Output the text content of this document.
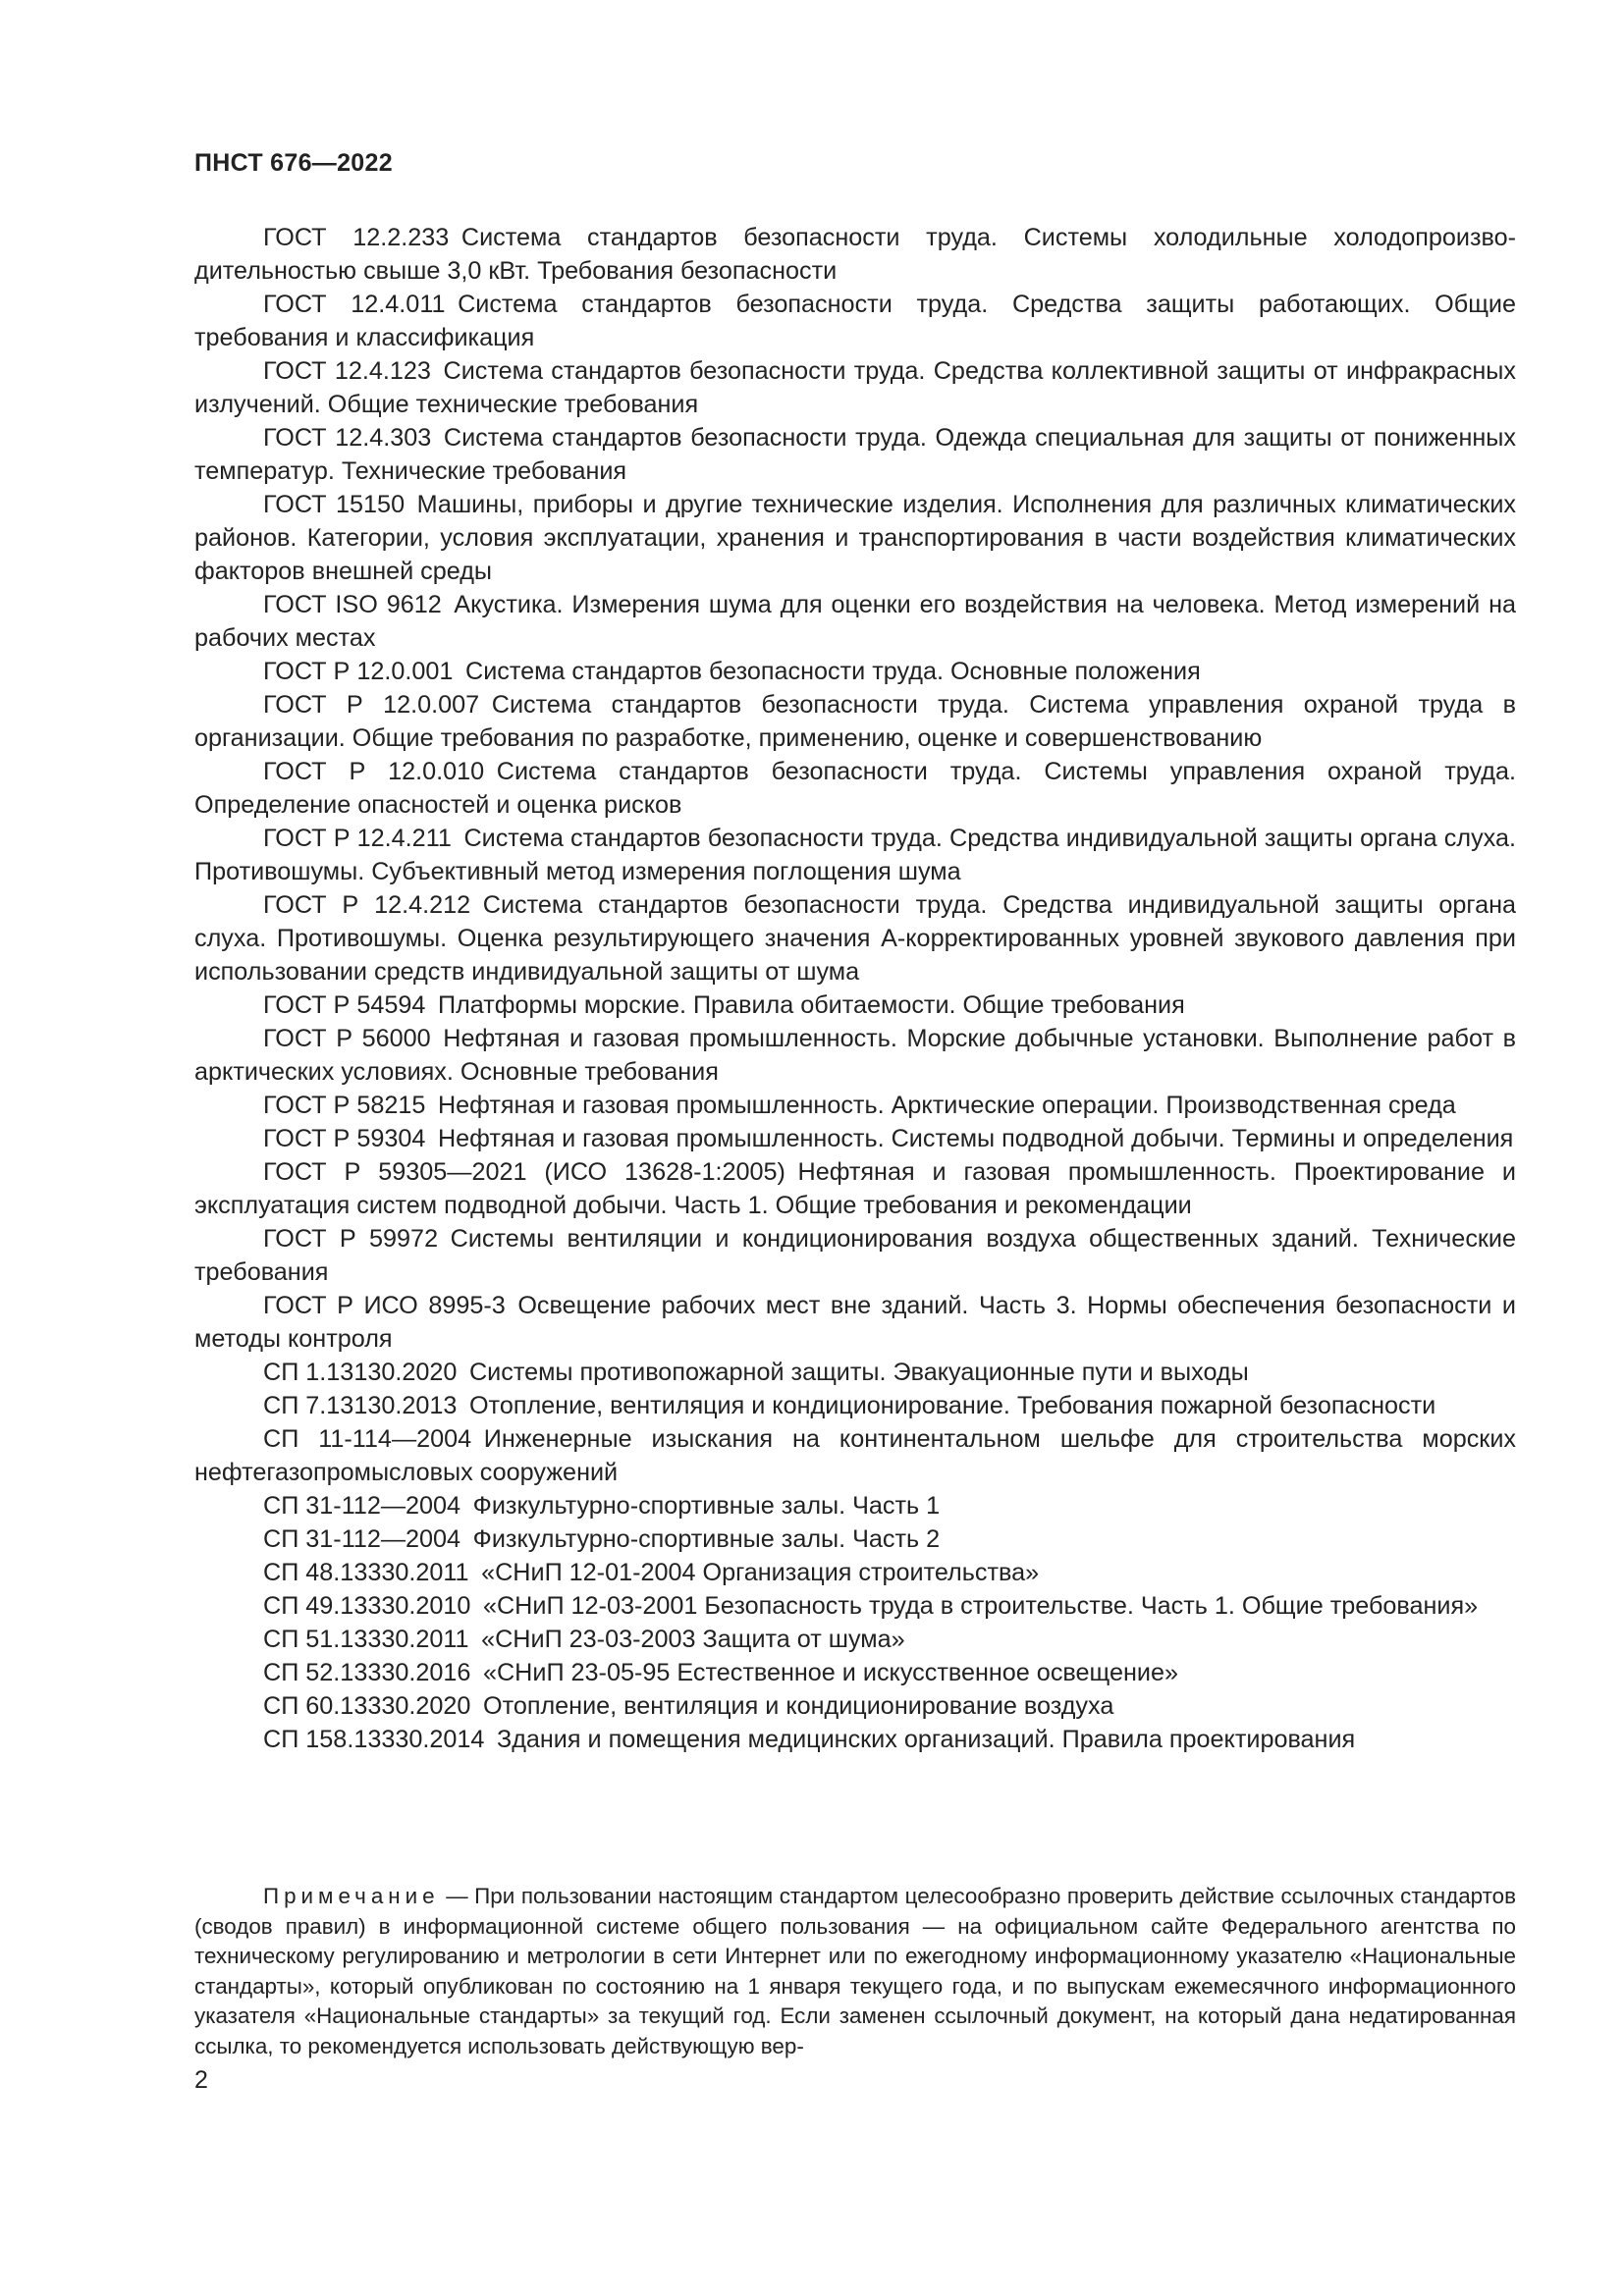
ПНСТ 676—2022
ГОСТ 12.2.233  Система стандартов безопасности труда. Системы холодильные холодопроизводительностью свыше 3,0 кВт. Требования безопасности
ГОСТ 12.4.011  Система стандартов безопасности труда. Средства защиты работающих. Общие требования и классификация
ГОСТ 12.4.123  Система стандартов безопасности труда. Средства коллективной защиты от инфракрасных излучений. Общие технические требования
ГОСТ 12.4.303  Система стандартов безопасности труда. Одежда специальная для защиты от пониженных температур. Технические требования
ГОСТ 15150  Машины, приборы и другие технические изделия. Исполнения для различных климатических районов. Категории, условия эксплуатации, хранения и транспортирования в части воздействия климатических факторов внешней среды
ГОСТ ISO 9612  Акустика. Измерения шума для оценки его воздействия на человека. Метод измерений на рабочих местах
ГОСТ Р 12.0.001  Система стандартов безопасности труда. Основные положения
ГОСТ Р 12.0.007  Система стандартов безопасности труда. Система управления охраной труда в организации. Общие требования по разработке, применению, оценке и совершенствованию
ГОСТ Р 12.0.010  Система стандартов безопасности труда. Системы управления охраной труда. Определение опасностей и оценка рисков
ГОСТ Р 12.4.211  Система стандартов безопасности труда. Средства индивидуальной защиты органа слуха. Противошумы. Субъективный метод измерения поглощения шума
ГОСТ Р 12.4.212  Система стандартов безопасности труда. Средства индивидуальной защиты органа слуха. Противошумы. Оценка результирующего значения А-корректированных уровней звукового давления при использовании средств индивидуальной защиты от шума
ГОСТ Р 54594  Платформы морские. Правила обитаемости. Общие требования
ГОСТ Р 56000  Нефтяная и газовая промышленность. Морские добычные установки. Выполнение работ в арктических условиях. Основные требования
ГОСТ Р 58215  Нефтяная и газовая промышленность. Арктические операции. Производственная среда
ГОСТ Р 59304  Нефтяная и газовая промышленность. Системы подводной добычи. Термины и определения
ГОСТ Р 59305—2021 (ИСО 13628-1:2005)  Нефтяная и газовая промышленность. Проектирование и эксплуатация систем подводной добычи. Часть 1. Общие требования и рекомендации
ГОСТ Р 59972  Системы вентиляции и кондиционирования воздуха общественных зданий. Технические требования
ГОСТ Р ИСО 8995-3  Освещение рабочих мест вне зданий. Часть 3. Нормы обеспечения безопасности и методы контроля
СП 1.13130.2020  Системы противопожарной защиты. Эвакуационные пути и выходы
СП 7.13130.2013  Отопление, вентиляция и кондиционирование. Требования пожарной безопасности
СП 11-114—2004  Инженерные изыскания на континентальном шельфе для строительства морских нефтегазопромысловых сооружений
СП 31-112—2004  Физкультурно-спортивные залы. Часть 1
СП 31-112—2004  Физкультурно-спортивные залы. Часть 2
СП 48.13330.2011  «СНиП 12-01-2004 Организация строительства»
СП 49.13330.2010  «СНиП 12-03-2001 Безопасность труда в строительстве. Часть 1. Общие требования»
СП 51.13330.2011  «СНиП 23-03-2003 Защита от шума»
СП 52.13330.2016  «СНиП 23-05-95 Естественное и искусственное освещение»
СП 60.13330.2020  Отопление, вентиляция и кондиционирование воздуха
СП 158.13330.2014  Здания и помещения медицинских организаций. Правила проектирования

Примечание — При пользовании настоящим стандартом целесообразно проверить действие ссылочных стандартов (сводов правил) в информационной системе общего пользования — на официальном сайте Федерального агентства по техническому регулированию и метрологии в сети Интернет или по ежегодному информационному указателю «Национальные стандарты», который опубликован по состоянию на 1 января текущего года, и по выпускам ежемесячного информационного указателя «Национальные стандарты» за текущий год. Если заменен ссылочный документ, на который дана недатированная ссылка, то рекомендуется использовать действующую вер-

2
